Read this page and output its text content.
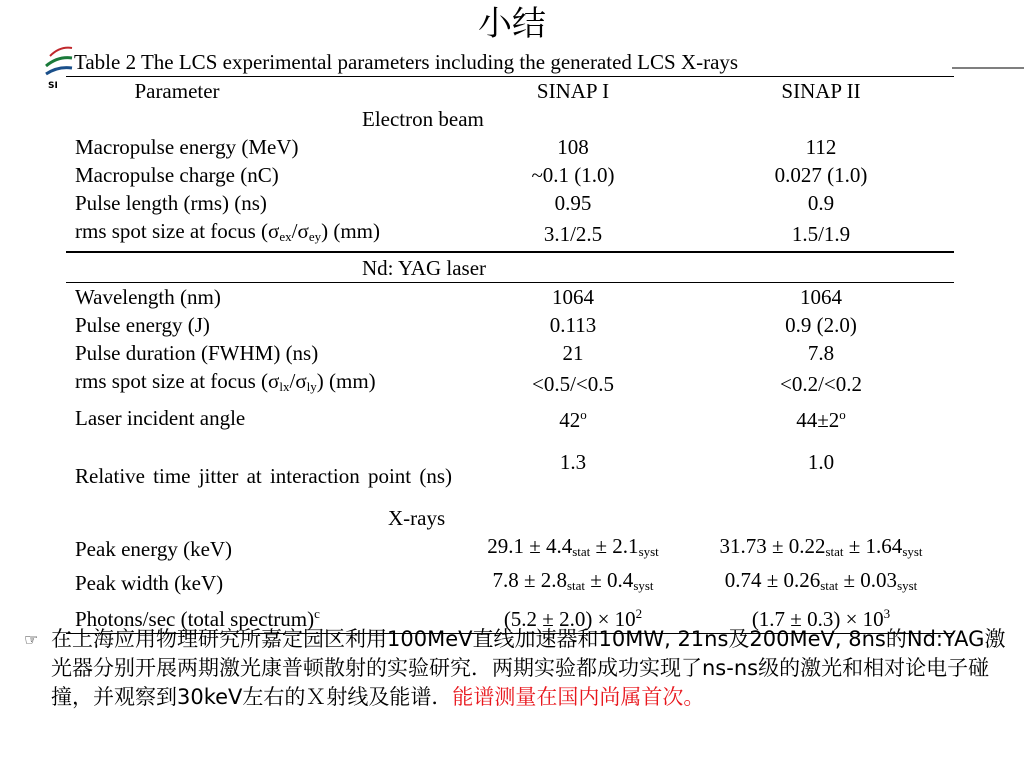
小结
SI
Table 2 The LCS experimental parameters including the generated LCS X-rays
Parameter	SINAP I	SINAP II
Electron beam		
Macropulse energy (MeV)	108	112
Macropulse charge (nC)	~0.1 (1.0)	0.027 (1.0)
Pulse length (rms) (ns)	0.95	0.9
rms spot size at focus $(\sigma_{ex}/\sigma_{ey})$ (mm)	3.1/2.5	1.5/1.9
Nd: YAG laser		
Wavelength (nm)	1064	1064
Pulse energy (J)	0.113	0.9 (2.0)
Pulse duration (FWHM) (ns)	21	7.8
rms spot size at focus $(\sigma_{lx}/\sigma_{ly})$ (mm)	<0.5/<0.5	<0.2/<0.2
Laser incident angle	42$^o$	$44\pm 2^o$

Relative time jitter at interaction point (ns)	1.3	1.0
X-rays		
Peak energy (keV)	$29.1 \pm 4.4_{stat} \pm 2.1_{syst}$	$31.73 \pm 0.22_{stat} \pm 1.64_{syst}$
Peak width (keV)	$7.8 \pm 2.8_{stat} \pm 0.4_{syst}$	$0.74 \pm 0.26_{stat} \pm 0.03_{syst}$
Photons/sec (total spectrum)$^c$	$(5.2 \pm 2.0) \times 10^2$	$(1.7 \pm 0.3) \times 10^3$
☞ 在上海应用物理研究所嘉定园区利用100MeV直线加速器和10MW, 21ns及200MeV, 8ns的Nd:YAG激光器分别开展两期激光康普顿散射的实验研究．两期实验都成功实现了ns-ns级的激光和相对论电子碰撞，并观察到30keV左右的Ｘ射线及能谱．能谱测量在国内尚属首次。
